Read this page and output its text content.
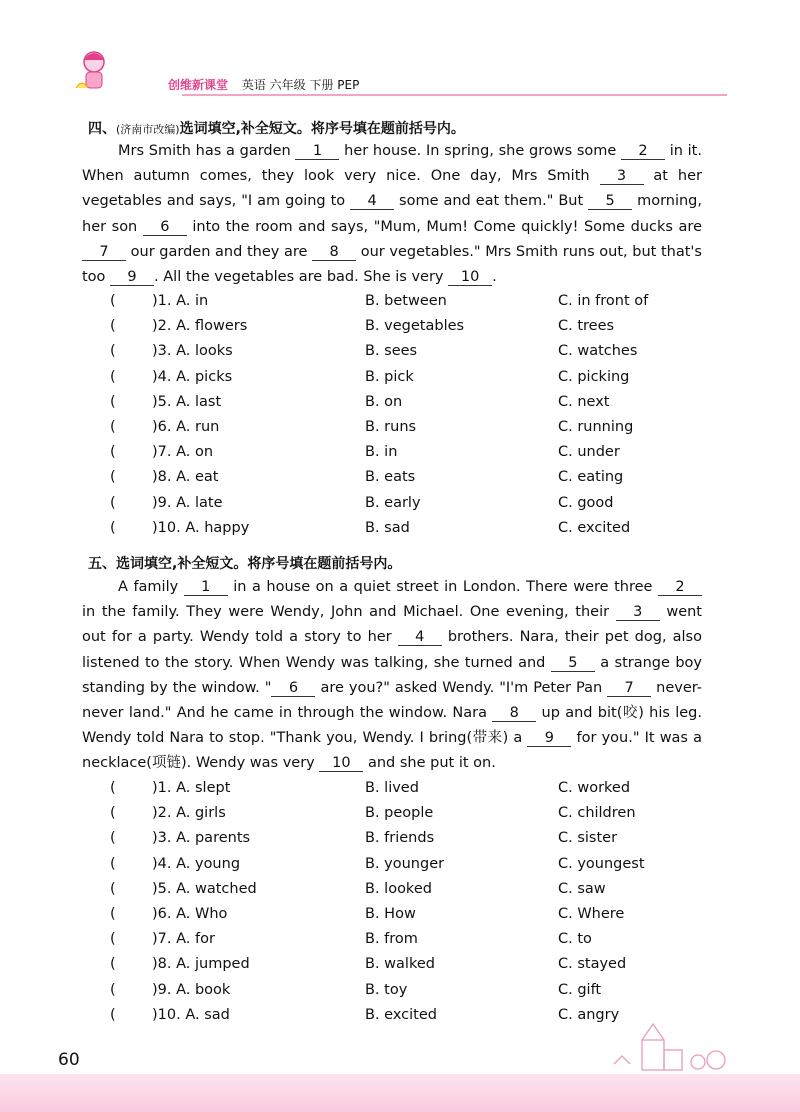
创维新课堂 英语 六年级 下册 PEP
四、(济南市改编)选词填空,补全短文。将序号填在题前括号内。
Mrs Smith has a garden 1 her house. In spring, she grows some 2 in it. When autumn comes, they look very nice. One day, Mrs Smith 3 at her vegetables and says, "I am going to 4 some and eat them." But 5 morning, her son 6 into the room and says, "Mum, Mum! Come quickly! Some ducks are 7 our garden and they are 8 our vegetables." Mrs Smith runs out, but that's too 9 . All the vegetables are bad. She is very 10 .
(	)1. A. in	B. between	C. in front of
(	)2. A. flowers	B. vegetables	C. trees
(	)3. A. looks	B. sees	C. watches
(	)4. A. picks	B. pick	C. picking
(	)5. A. last	B. on	C. next
(	)6. A. run	B. runs	C. running
(	)7. A. on	B. in	C. under
(	)8. A. eat	B. eats	C. eating
(	)9. A. late	B. early	C. good
(	)10. A. happy	B. sad	C. excited
五、选词填空,补全短文。将序号填在题前括号内。
A family 1 in a house on a quiet street in London. There were three 2 in the family. They were Wendy, John and Michael. One evening, their 3 went out for a party. Wendy told a story to her 4 brothers. Nara, their pet dog, also listened to the story. When Wendy was talking, she turned and 5 a strange boy standing by the window. " 6 are you?" asked Wendy. "I'm Peter Pan 7 never-never land." And he came in through the window. Nara 8 up and bit(咬) his leg. Wendy told Nara to stop. "Thank you, Wendy. I bring(带来) a 9 for you." It was a necklace(项链). Wendy was very 10 and she put it on.
(	)1. A. slept	B. lived	C. worked
(	)2. A. girls	B. people	C. children
(	)3. A. parents	B. friends	C. sister
(	)4. A. young	B. younger	C. youngest
(	)5. A. watched	B. looked	C. saw
(	)6. A. Who	B. How	C. Where
(	)7. A. for	B. from	C. to
(	)8. A. jumped	B. walked	C. stayed
(	)9. A. book	B. toy	C. gift
(	)10. A. sad	B. excited	C. angry
60
